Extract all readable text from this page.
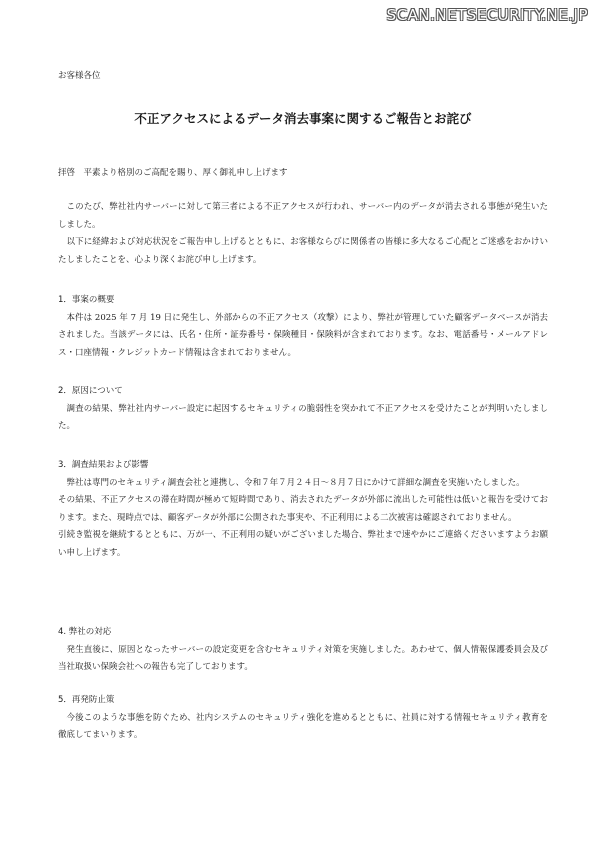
SCAN.NETSECURITY.NE.JP
お客様各位
不正アクセスによるデータ消去事案に関するご報告とお詫び
拝啓　平素より格別のご高配を賜り、厚く御礼申し上げます

このたび、弊社社内サーバーに対して第三者による不正アクセスが行われ、サーバー内のデータが消去される事態が発生いたしました。

以下に経緯および対応状況をご報告申し上げるとともに、お客様ならびに関係者の皆様に多大なるご心配とご迷惑をおかけいたしましたことを、心より深くお詫び申し上げます。

1．事案の概要

本件は 2025 年 7 月 19 日に発生し、外部からの不正アクセス（攻撃）により、弊社が管理していた顧客データベースが消去されました。当該データには、氏名・住所・証券番号・保険種目・保険料が含まれております。なお、電話番号・メールアドレス・口座情報・クレジットカード情報は含まれておりません。

2．原因について

調査の結果、弊社社内サーバー設定に起因するセキュリティの脆弱性を突かれて不正アクセスを受けたことが判明いたしました。

3．調査結果および影響

弊社は専門のセキュリティ調査会社と連携し、令和７年７月２４日～８月７日にかけて詳細な調査を実施いたしました。

その結果、不正アクセスの滞在時間が極めて短時間であり、消去されたデータが外部に流出した可能性は低いと報告を受けております。また、現時点では、顧客データが外部に公開された事実や、不正利用による二次被害は確認されておりません。

引続き監視を継続するとともに、万が一、不正利用の疑いがございました場合、弊社まで速やかにご連絡くださいますようお願い申し上げます。

4. 弊社の対応

発生直後に、原因となったサーバーの設定変更を含むセキュリティ対策を実施しました。あわせて、個人情報保護委員会及び当社取扱い保険会社への報告も完了しております。

5．再発防止策

今後このような事態を防ぐため、社内システムのセキュリティ強化を進めるとともに、社員に対する情報セキュリティ教育を徹底してまいります。
